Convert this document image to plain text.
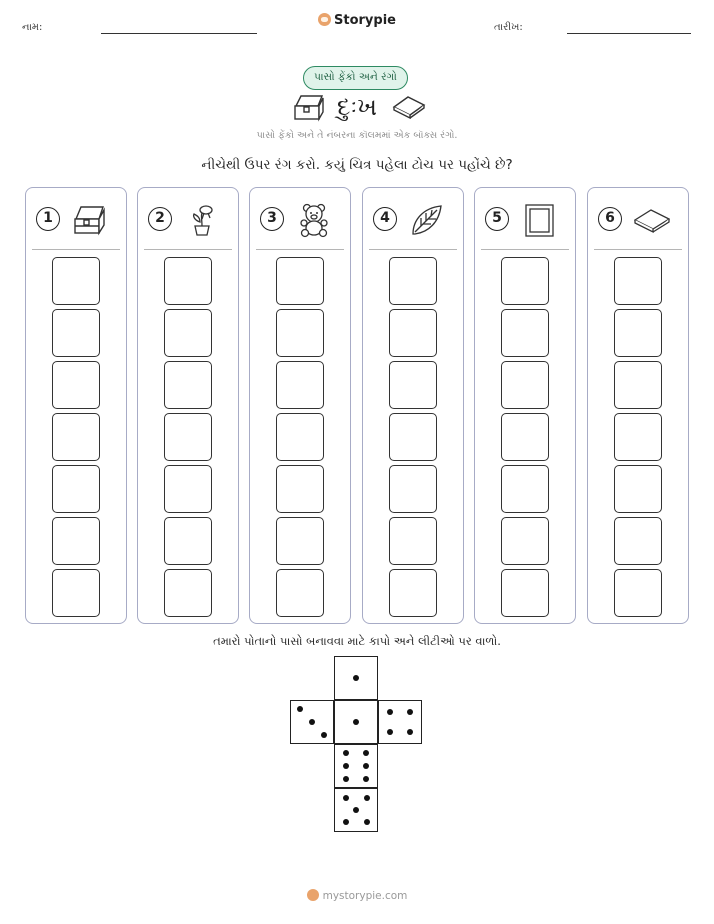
નામ:	Storypie	તારીખ:
પાસો ફેંકો અને રંગો
દુઃખ
પાસો ફેંકો અને તે નંબરના કૉલમમાં એક બૉક્સ રંગો.
નીચેથી ઉપર રંગ કરો. કયું ચિત્ર પહેલા ટોચ પર પહોંચે છે?
1	2	3	4	5	6
તમારો પોતાનો પાસો બનાવવા માટે કાપો અને લીટીઓ પર વાળો.
mystorypie.com
